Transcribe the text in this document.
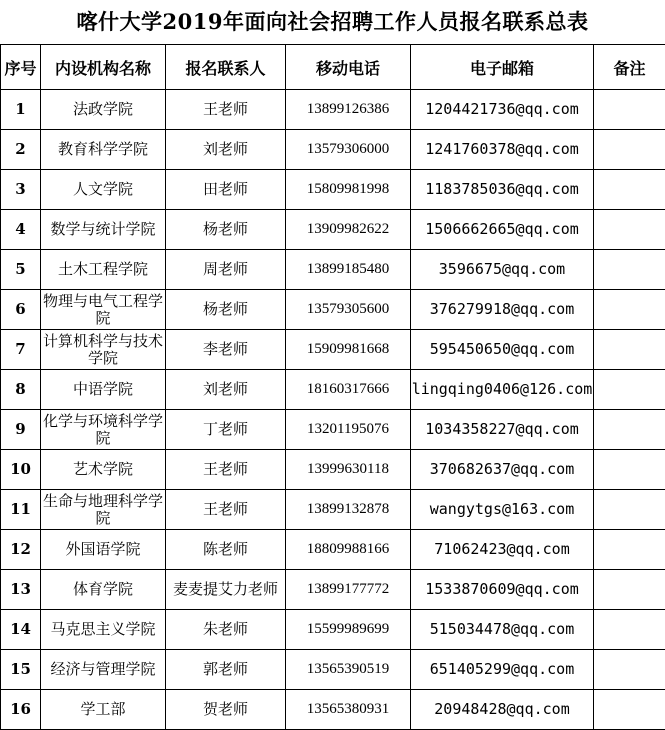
喀什大学2019年面向社会招聘工作人员报名联系总表
序号	内设机构名称	报名联系人	移动电话	电子邮箱	备注
1	法政学院	王老师	13899126386	1204421736@qq.com	
2	教育科学学院	刘老师	13579306000	1241760378@qq.com	
3	人文学院	田老师	15809981998	1183785036@qq.com	
4	数学与统计学院	杨老师	13909982622	1506662665@qq.com	
5	土木工程学院	周老师	13899185480	3596675@qq.com	
6	物理与电气工程学院	杨老师	13579305600	376279918@qq.com	
7	计算机科学与技术学院	李老师	15909981668	595450650@qq.com	
8	中语学院	刘老师	18160317666	lingqing0406@126.com	
9	化学与环境科学学院	丁老师	13201195076	1034358227@qq.com	
10	艺术学院	王老师	13999630118	370682637@qq.com	
11	生命与地理科学学院	王老师	13899132878	wangytgs@163.com	
12	外国语学院	陈老师	18809988166	71062423@qq.com	
13	体育学院	麦麦提艾力老师	13899177772	1533870609@qq.com	
14	马克思主义学院	朱老师	15599989699	515034478@qq.com	
15	经济与管理学院	郭老师	13565390519	651405299@qq.com	
16	学工部	贺老师	13565380931	20948428@qq.com	
